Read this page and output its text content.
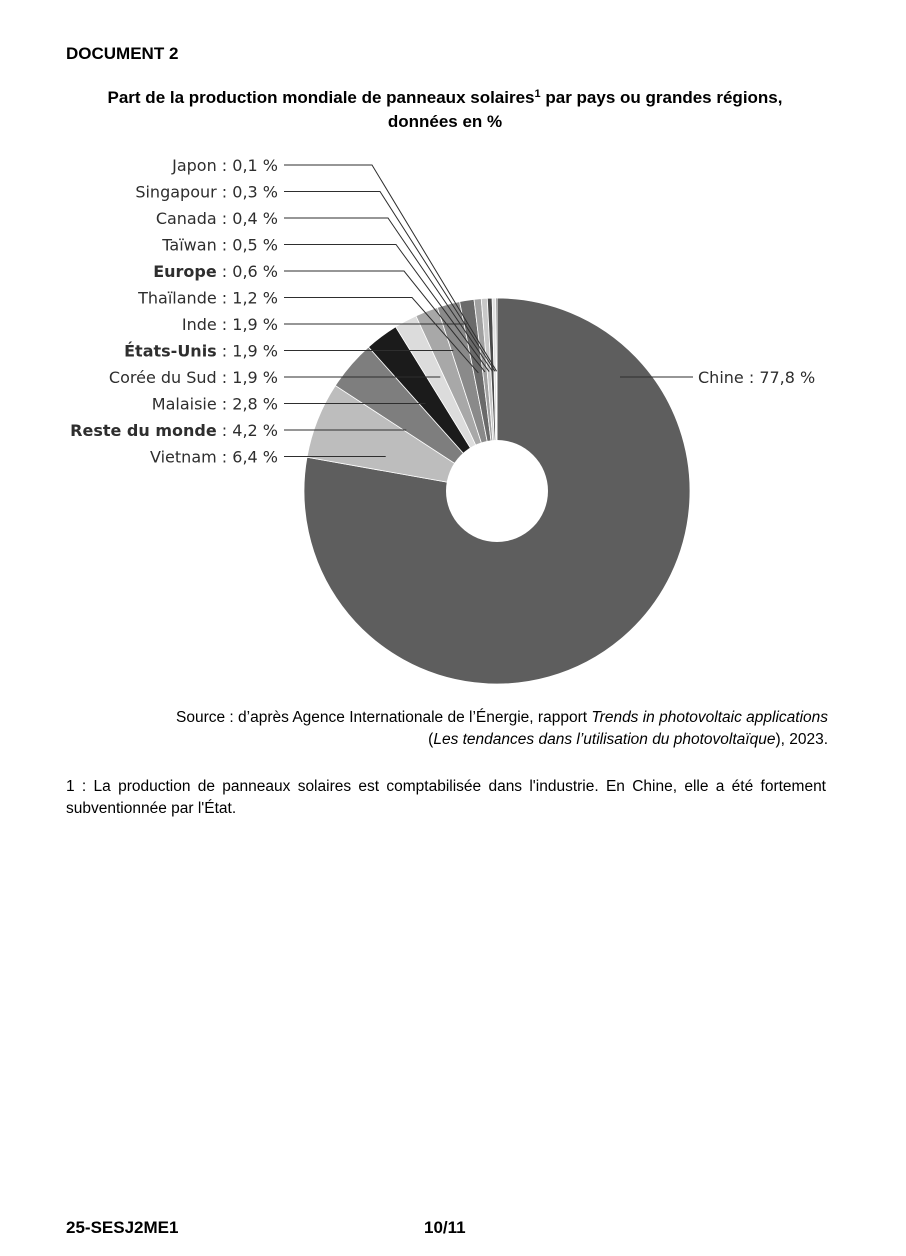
DOCUMENT 2
Part de la production mondiale de panneaux solaires$^1$ par pays ou grandes régions,
données en %
Chine : 77,8 %
Vietnam : 6,4 %
Reste du monde : 4,2 %
Malaisie : 2,8 %
Corée du Sud : 1,9 %
États-Unis : 1,9 %
Inde : 1,9 %
Thaïlande : 1,2 %
Europe : 0,6 %
Taïwan : 0,5 %
Canada : 0,4 %
Singapour : 0,3 %
Japon : 0,1 %
Source : d’après Agence Internationale de l’Énergie, rapport Trends in photovoltaic applications
(Les tendances dans l’utilisation du photovoltaïque), 2023.
1 : La production de panneaux solaires est comptabilisée dans l'industrie. En Chine, elle a été fortement subventionnée par l'État.
25-SESJ2ME1	10/11
